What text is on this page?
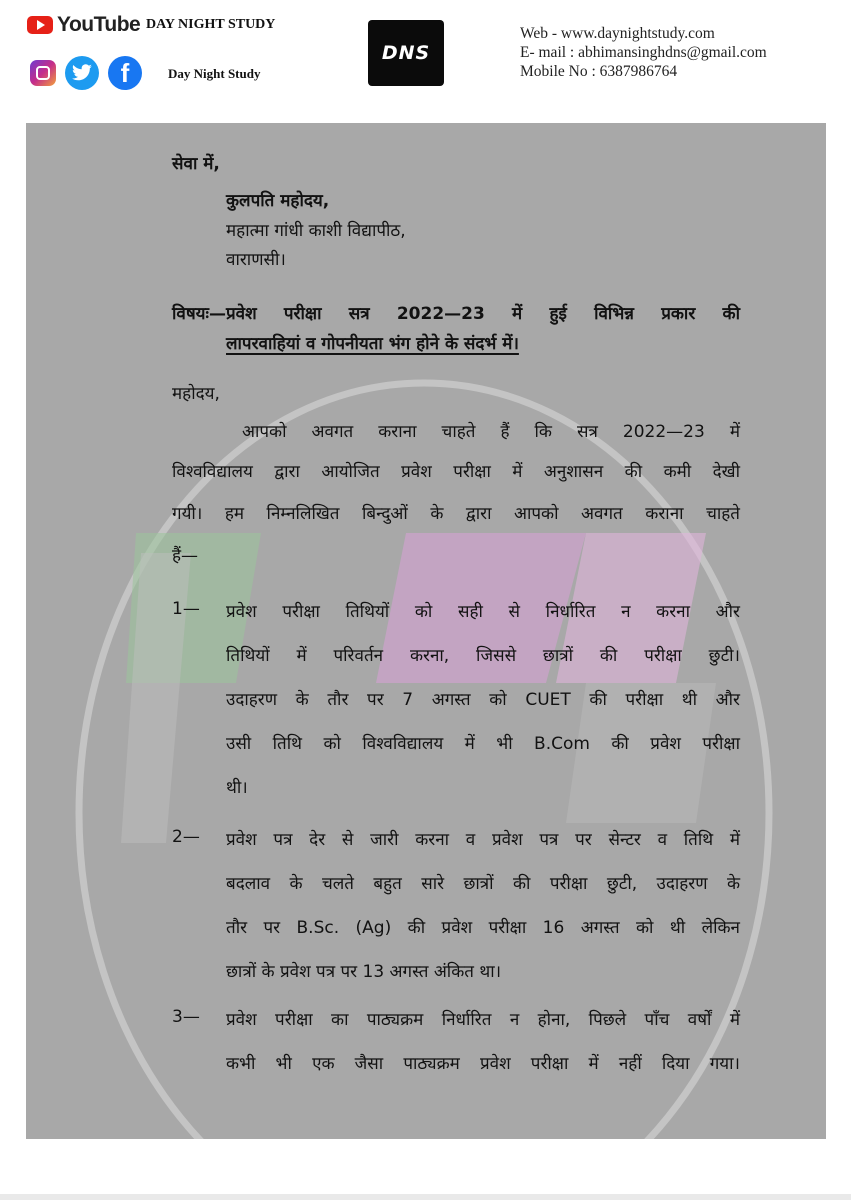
YouTube DAY NIGHT STUDY
f	Day Night Study
DNS
Web - www.daynightstudy.com
E- mail : abhimansinghdns@gmail.com
Mobile No : 6387986764
सेवा में,
कुलपति महोदय,
महात्मा गांधी काशी विद्यापीठ,
वाराणसी।
विषयः—प्रवेश परीक्षा सत्र 2022—23 में हुई विभिन्न प्रकार की
लापरवाहियां व गोपनीयता भंग होने के संदर्भ में।
महोदय,
आपको अवगत कराना चाहते हैं कि सत्र 2022—23 में
विश्वविद्यालय द्वारा आयोजित प्रवेश परीक्षा में अनुशासन की कमी देखी
गयी। हम निम्नलिखित बिन्दुओं के द्वारा आपको अवगत कराना चाहते
हैं—
1— प्रवेश परीक्षा तिथियों को सही से निर्धारित न करना और
तिथियों में परिवर्तन करना, जिससे छात्रों की परीक्षा छुटी।
उदाहरण के तौर पर 7 अगस्त को CUET की परीक्षा थी और
उसी तिथि को विश्वविद्यालय में भी B.Com की प्रवेश परीक्षा
थी।
2— प्रवेश पत्र देर से जारी करना व प्रवेश पत्र पर सेन्टर व तिथि में
बदलाव के चलते बहुत सारे छात्रों की परीक्षा छुटी, उदाहरण के
तौर पर B.Sc. (Ag) की प्रवेश परीक्षा 16 अगस्त को थी लेकिन
छात्रों के प्रवेश पत्र पर 13 अगस्त अंकित था।
3— प्रवेश परीक्षा का पाठ्यक्रम निर्धारित न होना, पिछले पाँच वर्षों में
कभी भी एक जैसा पाठ्यक्रम प्रवेश परीक्षा में नहीं दिया गया।
